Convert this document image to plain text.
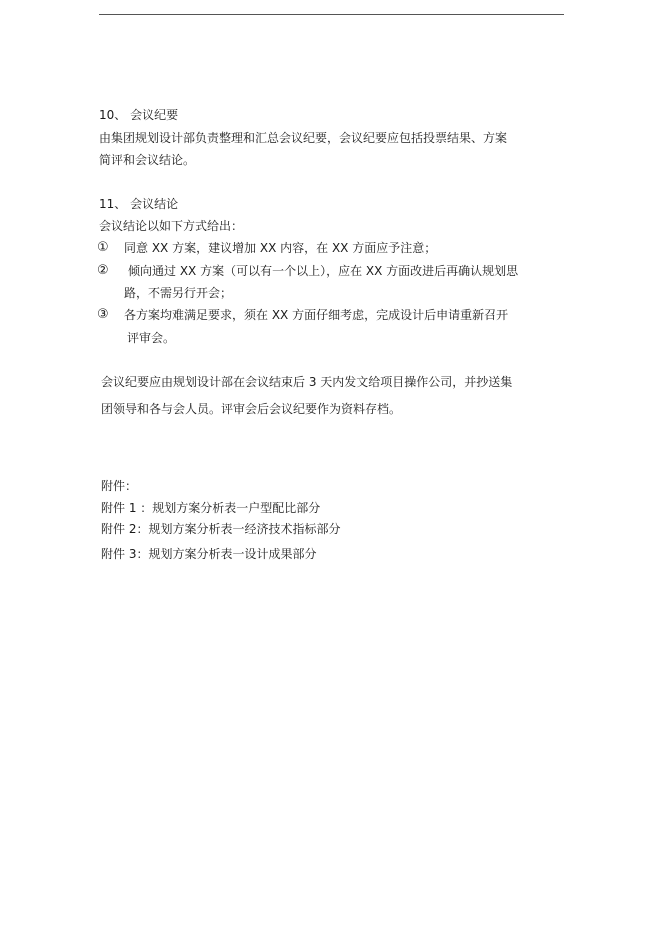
10、 会议纪要
由集团规划设计部负责整理和汇总会议纪要，会议纪要应包括投票结果、方案
简评和会议结论。
11、 会议结论
会议结论以如下方式给出：
① 同意 XX 方案，建议增加 XX 内容，在 XX 方面应予注意；
② 倾向通过 XX 方案（可以有一个以上），应在 XX 方面改进后再确认规划思
路，不需另行开会；
③ 各方案均难满足要求，须在 XX 方面仔细考虑，完成设计后申请重新召开
评审会。
会议纪要应由规划设计部在会议结束后 3 天内发文给项目操作公司，并抄送集
团领导和各与会人员。评审会后会议纪要作为资料存档。
附件：
附件 1 ：规划方案分析表一户型配比部分
附件 2：规划方案分析表一经济技术指标部分
附件 3：规划方案分析表一设计成果部分
